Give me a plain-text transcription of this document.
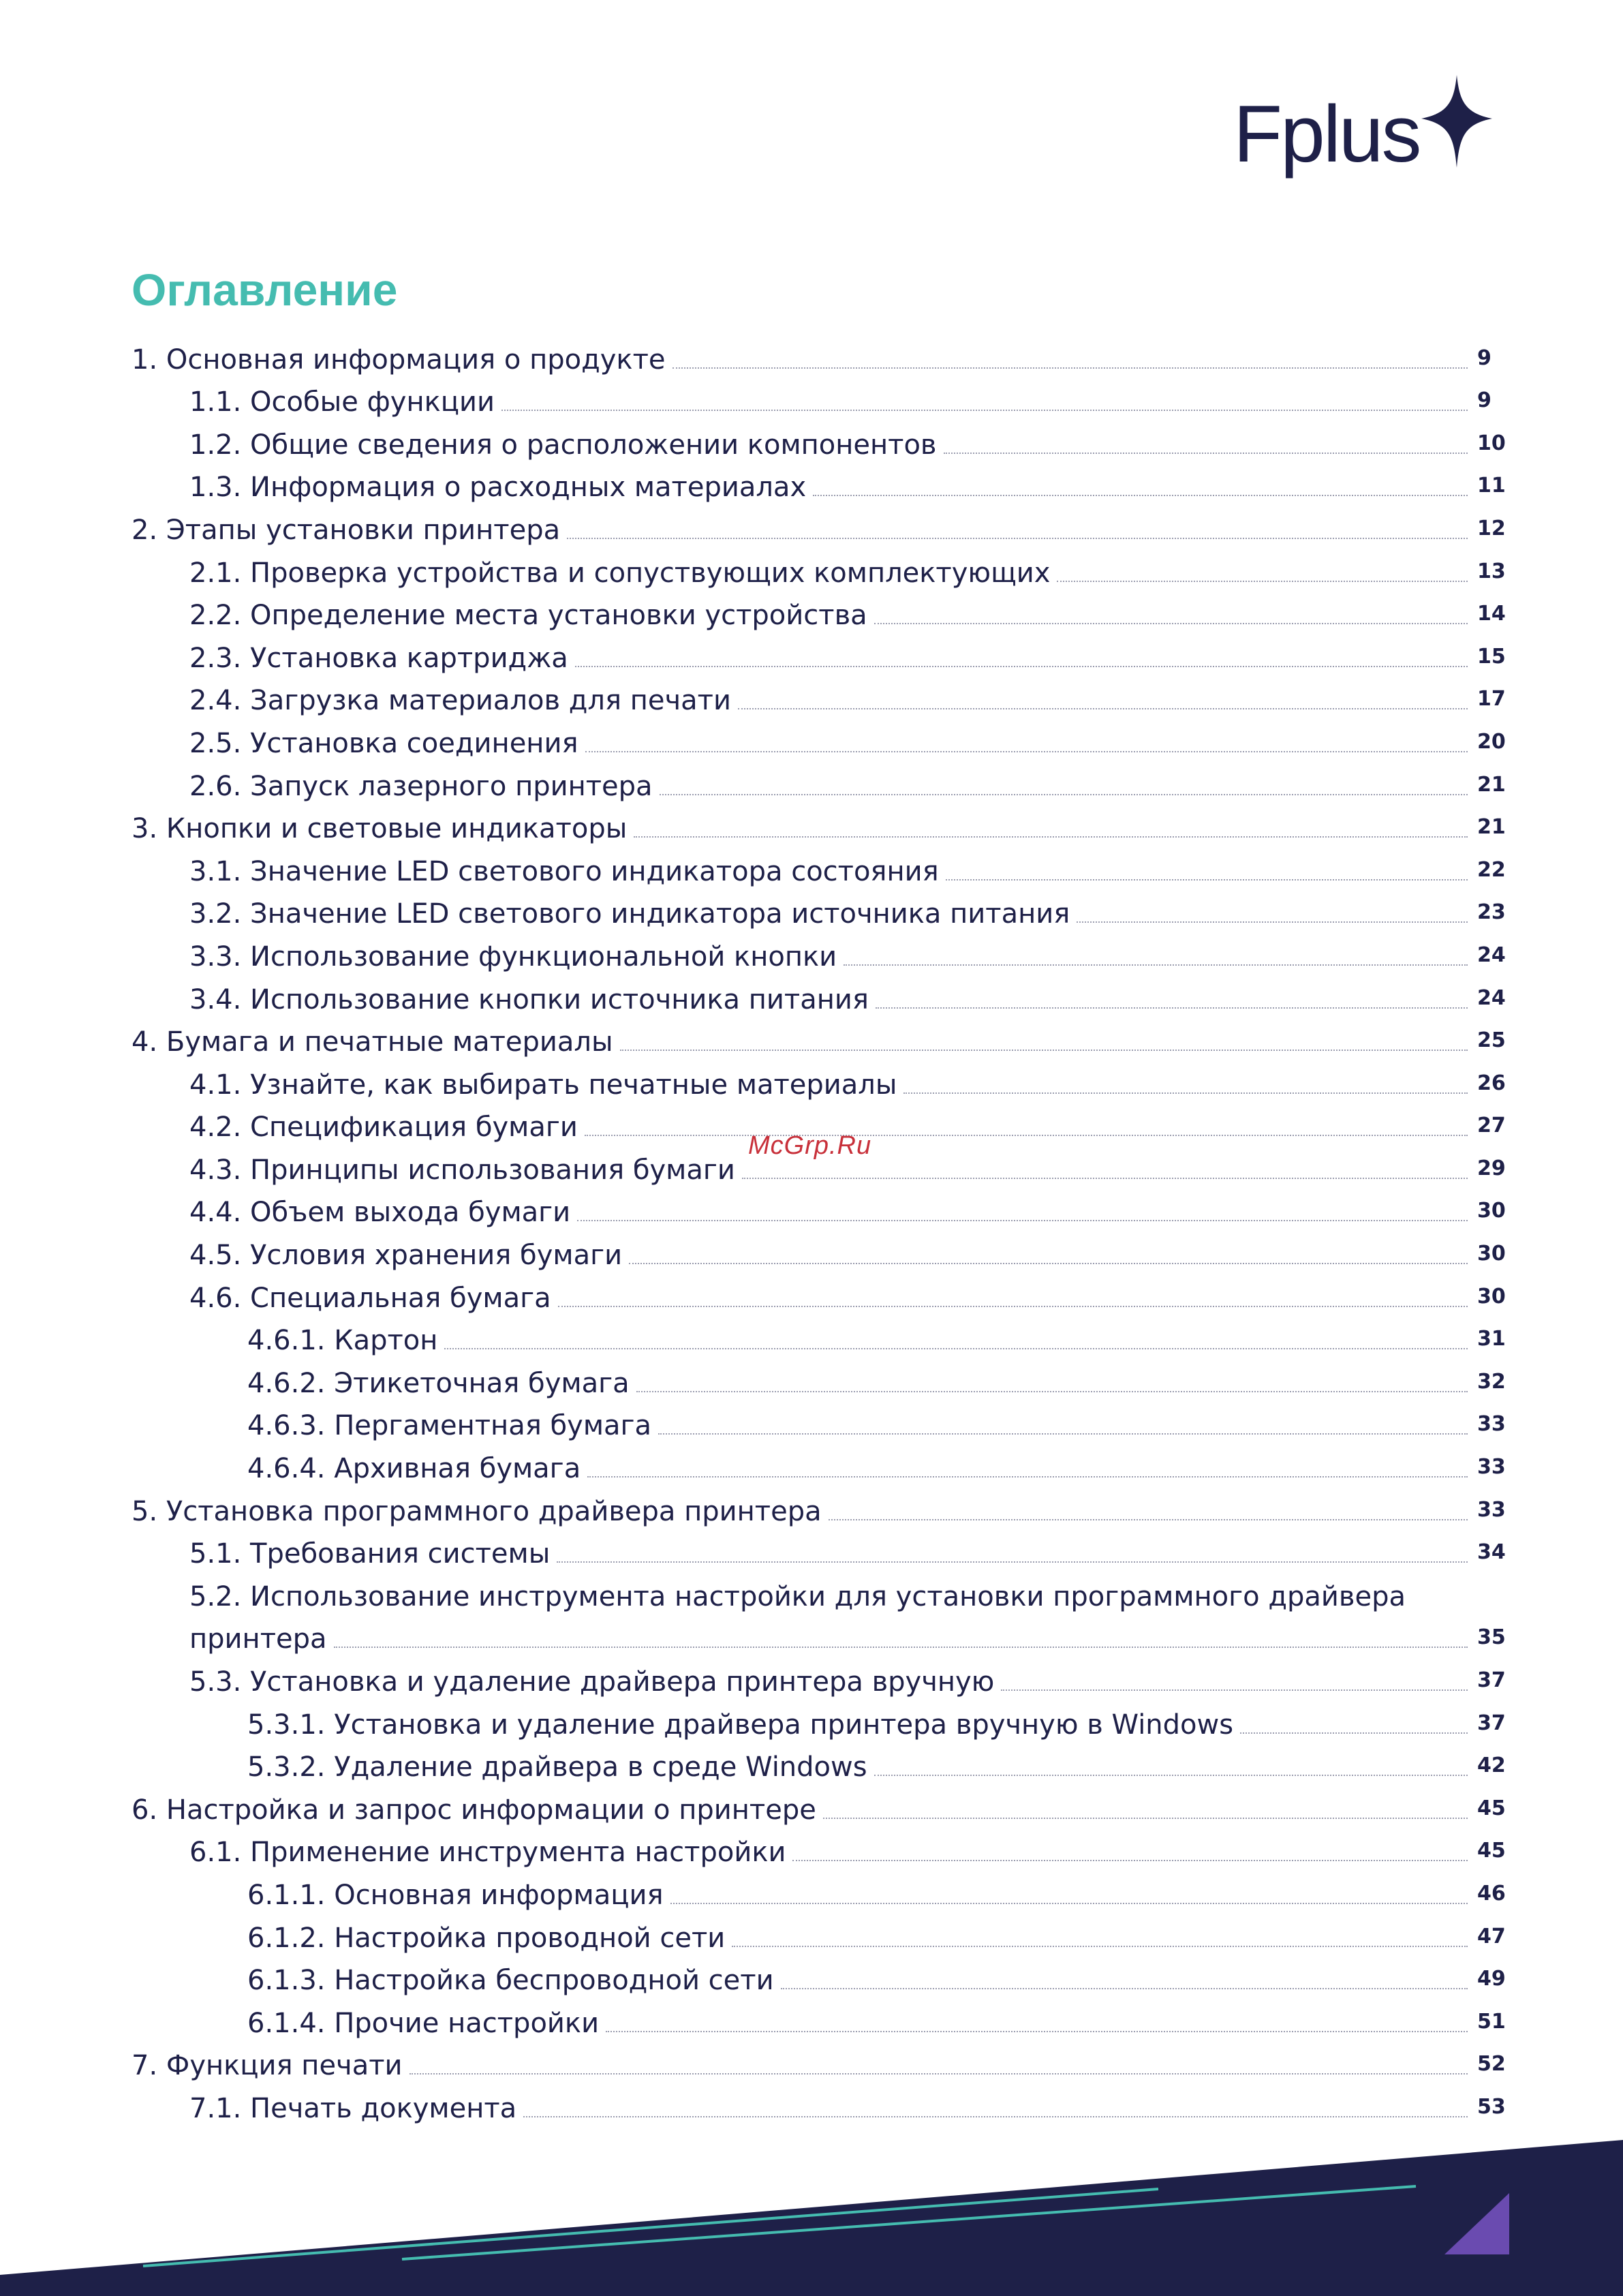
Fplus
Оглавление
1. Основная информация о продукте	9
1.1. Особые функции	9
1.2. Общие сведения о расположении компонентов	10
1.3. Информация о расходных материалах	11
2. Этапы установки принтера	12
2.1. Проверка устройства и сопуствующих комплектующих	13
2.2. Определение места установки устройства	14
2.3. Установка картриджа	15
2.4. Загрузка материалов для печати	17
2.5. Установка соединения	20
2.6. Запуск лазерного принтера	21
3. Кнопки и световые индикаторы	21
3.1. Значение LED светового индикатора состояния	22
3.2. Значение LED светового индикатора источника питания	23
3.3. Использование функциональной кнопки	24
3.4. Использование кнопки источника питания	24
4. Бумага и печатные материалы	25
4.1. Узнайте, как выбирать печатные материалы	26
4.2. Спецификация бумаги	27
4.3. Принципы использования бумаги	29
4.4. Объем выхода бумаги	30
4.5. Условия хранения бумаги	30
4.6. Специальная бумага	30
4.6.1. Картон	31
4.6.2. Этикеточная бумага	32
4.6.3. Пергаментная бумага	33
4.6.4. Архивная бумага	33
5. Установка программного драйвера принтера	33
5.1. Требования системы	34
5.2. Использование инструмента настройки для установки программного драйвера
принтера	35
5.3. Установка и удаление драйвера принтера вручную	37
5.3.1. Установка и удаление драйвера принтера вручную в Windows	37
5.3.2. Удаление драйвера в среде Windows	42
6. Настройка и запрос информации о принтере	45
6.1. Применение инструмента настройки	45
6.1.1. Основная информация	46
6.1.2. Настройка проводной сети	47
6.1.3. Настройка беспроводной сети	49
6.1.4. Прочие настройки	51
7. Функция печати	52
7.1. Печать документа	53
McGrp.Ru
